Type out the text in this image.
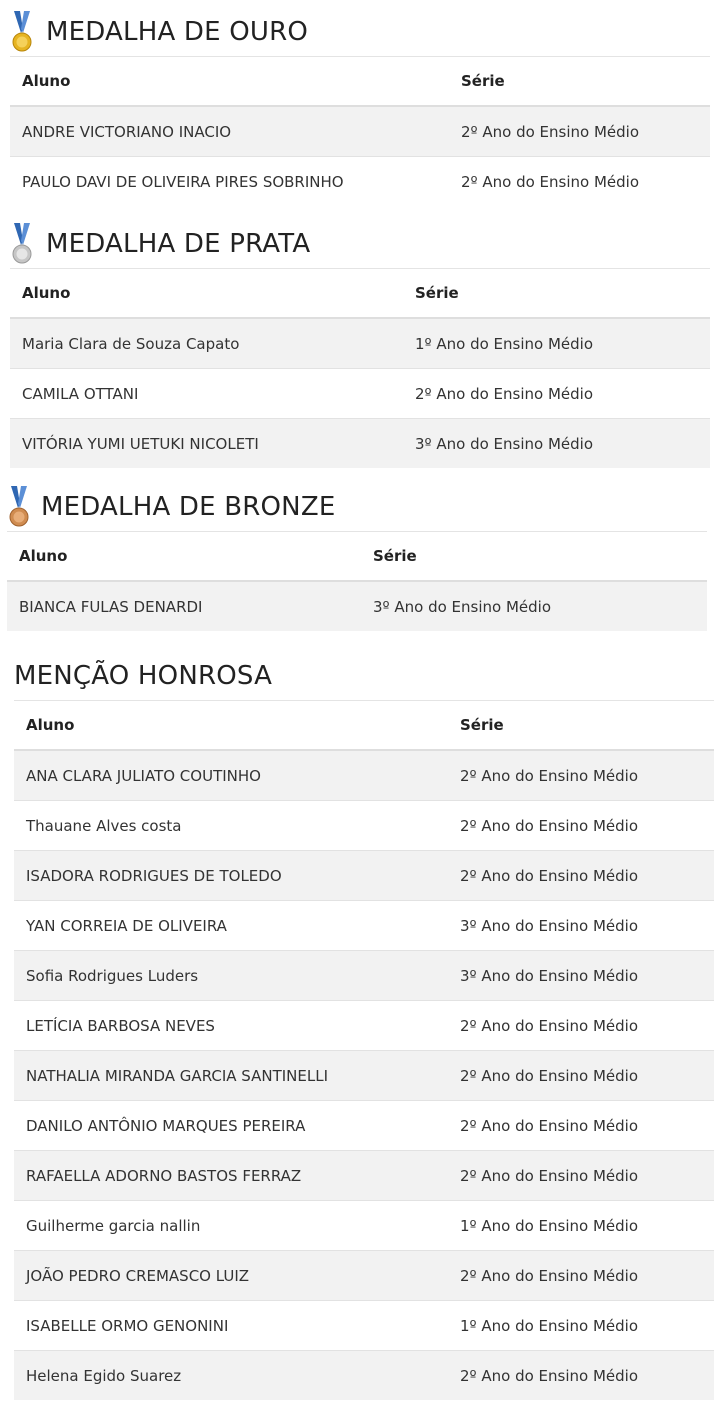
MEDALHA DE OURO
Aluno	Série
ANDRE VICTORIANO INACIO	2º Ano do Ensino Médio
PAULO DAVI DE OLIVEIRA PIRES SOBRINHO	2º Ano do Ensino Médio
MEDALHA DE PRATA
Aluno	Série
Maria Clara de Souza Capato	1º Ano do Ensino Médio
CAMILA OTTANI	2º Ano do Ensino Médio
VITÓRIA YUMI UETUKI NICOLETI	3º Ano do Ensino Médio
MEDALHA DE BRONZE
Aluno	Série
BIANCA FULAS DENARDI	3º Ano do Ensino Médio
MENÇÃO HONROSA
Aluno	Série
ANA CLARA JULIATO COUTINHO	2º Ano do Ensino Médio
Thauane Alves costa	2º Ano do Ensino Médio
ISADORA RODRIGUES DE TOLEDO	2º Ano do Ensino Médio
YAN CORREIA DE OLIVEIRA	3º Ano do Ensino Médio
Sofia Rodrigues Luders	3º Ano do Ensino Médio
LETÍCIA BARBOSA NEVES	2º Ano do Ensino Médio
NATHALIA MIRANDA GARCIA SANTINELLI	2º Ano do Ensino Médio
DANILO ANTÔNIO MARQUES PEREIRA	2º Ano do Ensino Médio
RAFAELLA ADORNO BASTOS FERRAZ	2º Ano do Ensino Médio
Guilherme garcia nallin	1º Ano do Ensino Médio
JOÃO PEDRO CREMASCO LUIZ	2º Ano do Ensino Médio
ISABELLE ORMO GENONINI	1º Ano do Ensino Médio
Helena Egido Suarez	2º Ano do Ensino Médio
